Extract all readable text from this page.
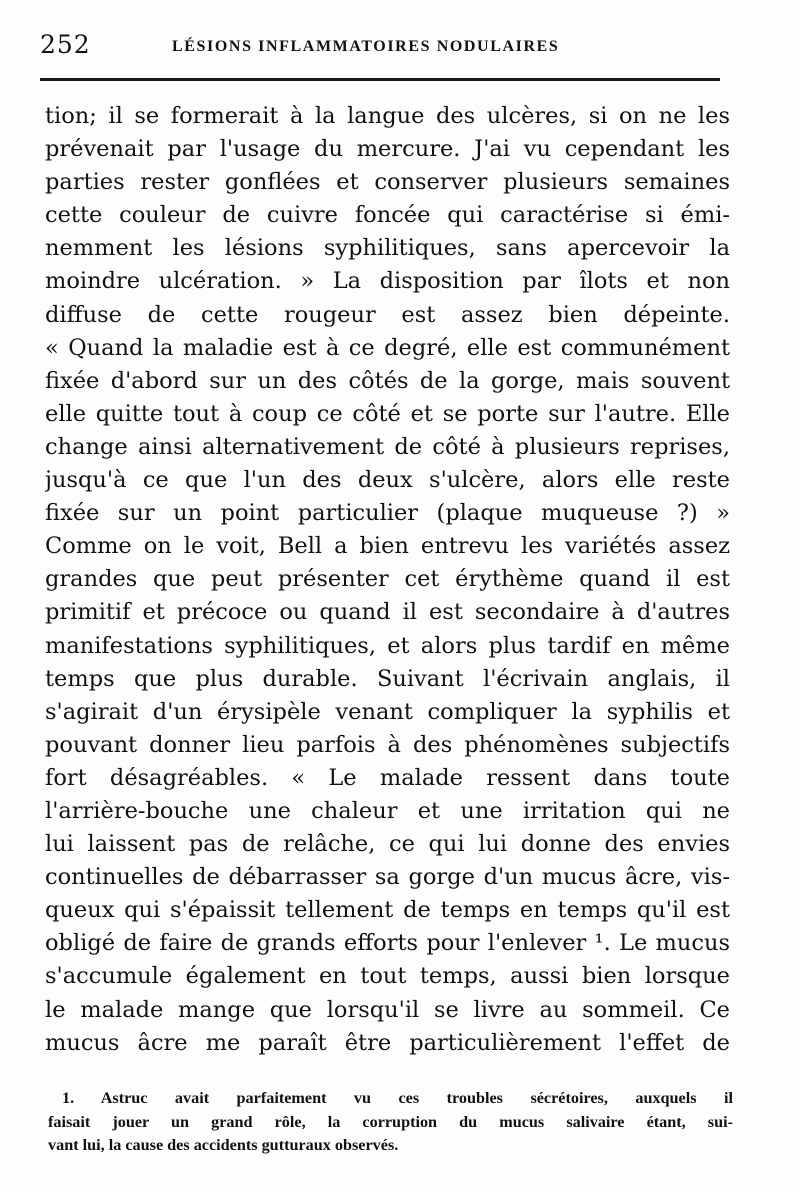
252	LÉSIONS INFLAMMATOIRES NODULAIRES
tion; il se formerait à la langue des ulcères, si on ne les
prévenait par l'usage du mercure. J'ai vu cependant les
parties rester gonflées et conserver plusieurs semaines
cette couleur de cuivre foncée qui caractérise si émi-
nemment les lésions syphilitiques, sans apercevoir la
moindre ulcération. » La disposition par îlots et non
diffuse de cette rougeur est assez bien dépeinte.
« Quand la maladie est à ce degré, elle est communément
fixée d'abord sur un des côtés de la gorge, mais souvent
elle quitte tout à coup ce côté et se porte sur l'autre. Elle
change ainsi alternativement de côté à plusieurs reprises,
jusqu'à ce que l'un des deux s'ulcère, alors elle reste
fixée sur un point particulier (plaque muqueuse ?) »
Comme on le voit, Bell a bien entrevu les variétés assez
grandes que peut présenter cet érythème quand il est
primitif et précoce ou quand il est secondaire à d'autres
manifestations syphilitiques, et alors plus tardif en même
temps que plus durable. Suivant l'écrivain anglais, il
s'agirait d'un érysipèle venant compliquer la syphilis et
pouvant donner lieu parfois à des phénomènes subjectifs
fort désagréables. « Le malade ressent dans toute
l'arrière-bouche une chaleur et une irritation qui ne
lui laissent pas de relâche, ce qui lui donne des envies
continuelles de débarrasser sa gorge d'un mucus âcre, vis-
queux qui s'épaissit tellement de temps en temps qu'il est
obligé de faire de grands efforts pour l'enlever ¹. Le mucus
s'accumule également en tout temps, aussi bien lorsque
le malade mange que lorsqu'il se livre au sommeil. Ce
mucus âcre me paraît être particulièrement l'effet de
1. Astruc avait parfaitement vu ces troubles sécrétoires, auxquels il
faisait jouer un grand rôle, la corruption du mucus salivaire étant, sui-
vant lui, la cause des accidents gutturaux observés.
